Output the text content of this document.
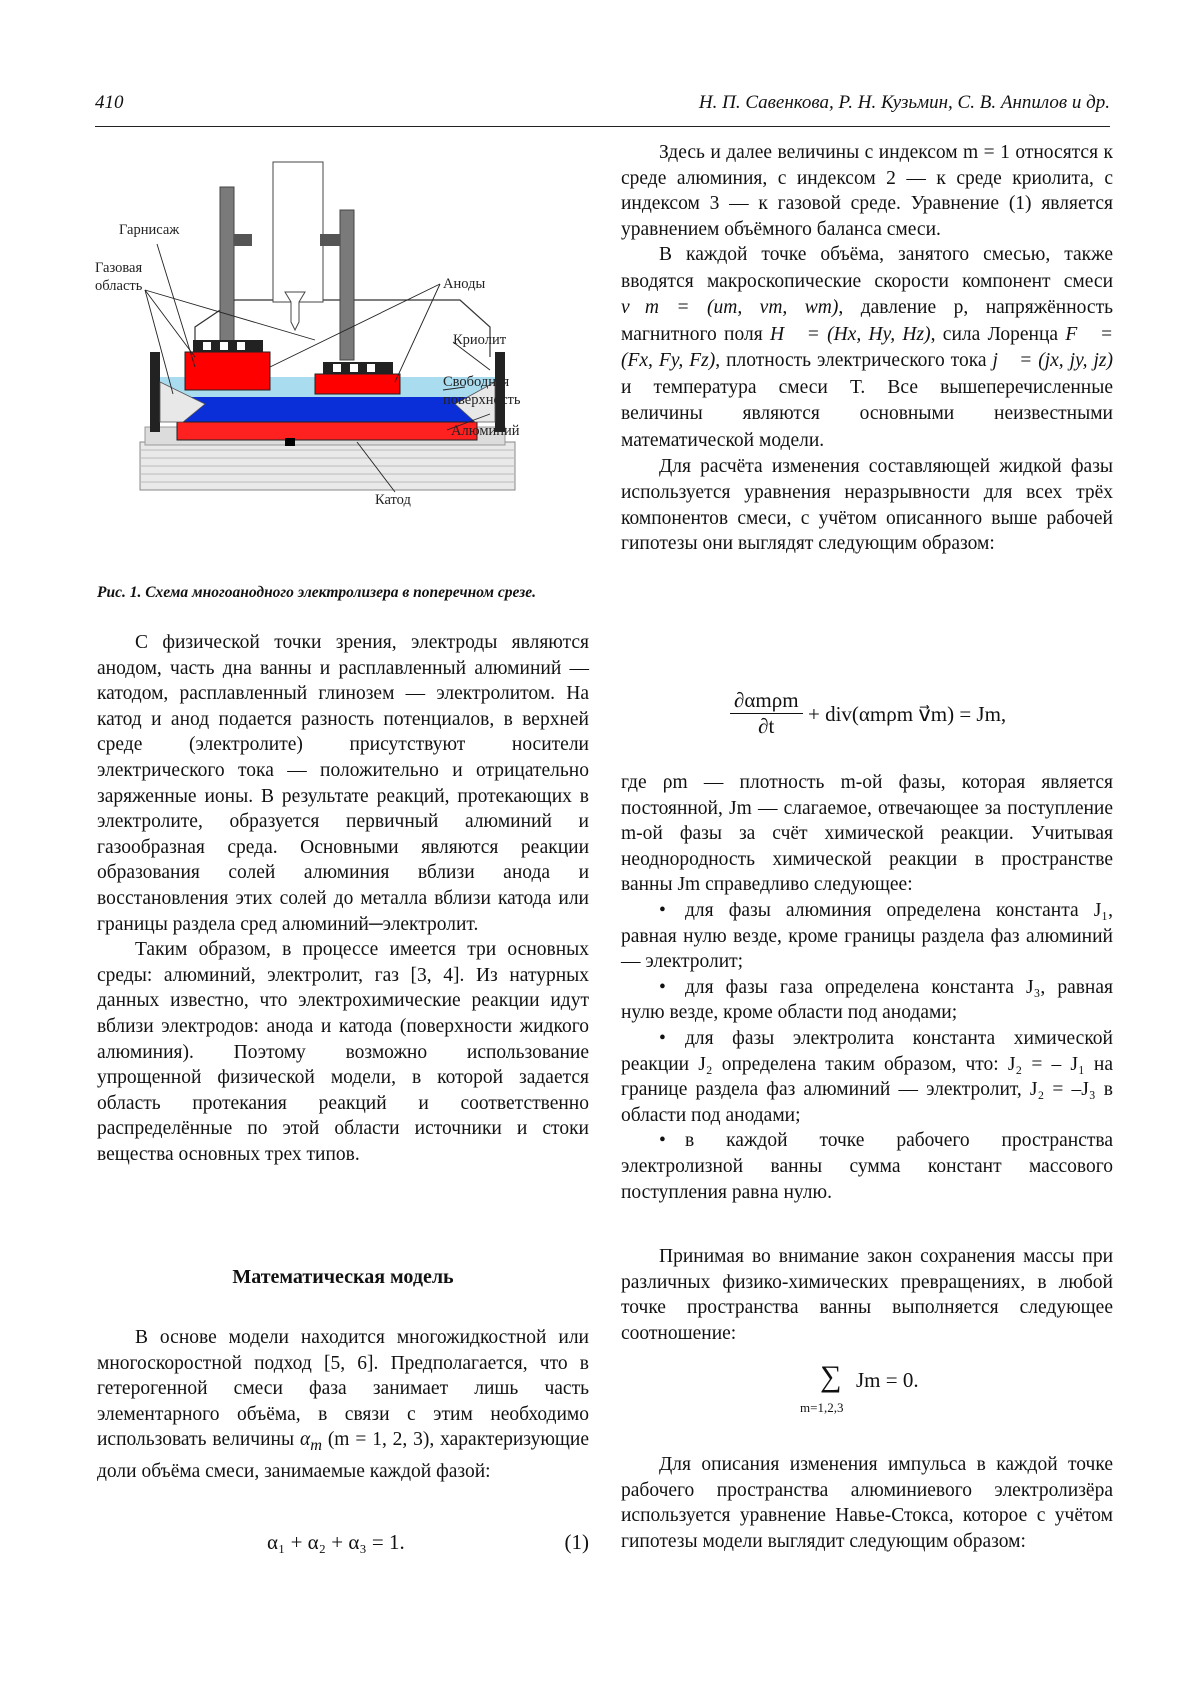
410	Н. П. Савенкова, Р. Н. Кузьмин, С. В. Анпилов и др.
Гарнисаж
Газовая
область	Аноды
Криолит
Свободная
поверхность
Алюминий
Катод
Рис. 1. Схема многоанодного электролизера в поперечном срезе.

С физической точки зрения, электроды являются анодом, часть дна ванны и расплавленный алюминий — катодом, расплавленный глинозем — электролитом. На катод и анод подается разность потенциалов, в верхней среде (электролите) присутствуют носители электрического тока — положительно и отрицательно заряженные ионы. В результате реакций, протекающих в электролите, образуется первичный алюминий и газообразная среда. Основными являются реакции образования солей алюминия вблизи анода и восстановления этих солей до металла вблизи катода или границы раздела сред алюминий─электролит.

Таким образом, в процессе имеется три основных среды: алюминий, электролит, газ [3, 4]. Из натурных данных известно, что электрохимические реакции идут вблизи электродов: анода и катода (поверхности жидкого алюминия). Поэтому возможно использование упрощенной физической модели, в которой задается область протекания реакций и соответственно распределённые по этой области источники и стоки вещества основных трех типов.

Математическая модель

В основе модели находится многожидкостной или многоскоростной подход [5, 6]. Предполагается, что в гетерогенной смеси фаза занимает лишь часть элементарного объёма, в связи с этим необходимо использовать величины $\alpha_m$ (m = 1, 2, 3), характеризующие доли объёма смеси, занимаемые каждой фазой:

α₁ + α₂ + α₃ = 1.	(1)

Здесь и далее величины с индексом m = 1 относятся к среде алюминия, с индексом 2 — к среде криолита, с индексом 3 — к газовой среде. Уравнение (1) является уравнением объёмного баланса смеси.

В каждой точке объёма, занятого смесью, также вводятся макроскопические скорости компонент смеси v⃗m = (um, vm, wm), давление p, напряжённость магнитного поля H⃗ = (Hx, Hy, Hz), сила Лоренца F⃗ = (Fx, Fy, Fz), плотность электрического тока j⃗ = (jx, jy, jz) и температура смеси T. Все вышеперечисленные величины являются основными неизвестными математической модели.

Для расчёта изменения составляющей жидкой фазы используется уравнения неразрывности для всех трёх компонентов смеси, с учётом описанного выше рабочей гипотезы они выглядят следующим образом:

∂αmρm
∂t	+ div(αmρm v⃗m) = Jm,

где ρm — плотность m-ой фазы, которая является постоянной, Jm — слагаемое, отвечающее за поступление m-ой фазы за счёт химической реакции. Учитывая неоднородность химической реакции в пространстве ванны Jm справедливо следующее:

• для фазы алюминия определена константа J₁, равная нулю везде, кроме границы раздела фаз алюминий — электролит;

• для фазы газа определена константа J₃, равная нулю везде, кроме области под анодами;

• для фазы электролита константа химической реакции J₂ определена таким образом, что: J₂ = – J₁ на границе раздела фаз алюминий — электролит, J₂ = –J₃ в области под анодами;

• в каждой точке рабочего пространства электролизной ванны сумма констант массового поступления равна нулю.

Принимая во внимание закон сохранения массы при различных физико-химических превращениях, в любой точке пространства ванны выполняется следующее соотношение:

∑ Jm = 0.
m=1,2,3

Для описания изменения импульса в каждой точке рабочего пространства алюминиевого электролизёра используется уравнение Навье-Стокса, которое с учётом гипотезы модели выглядит следующим образом:
